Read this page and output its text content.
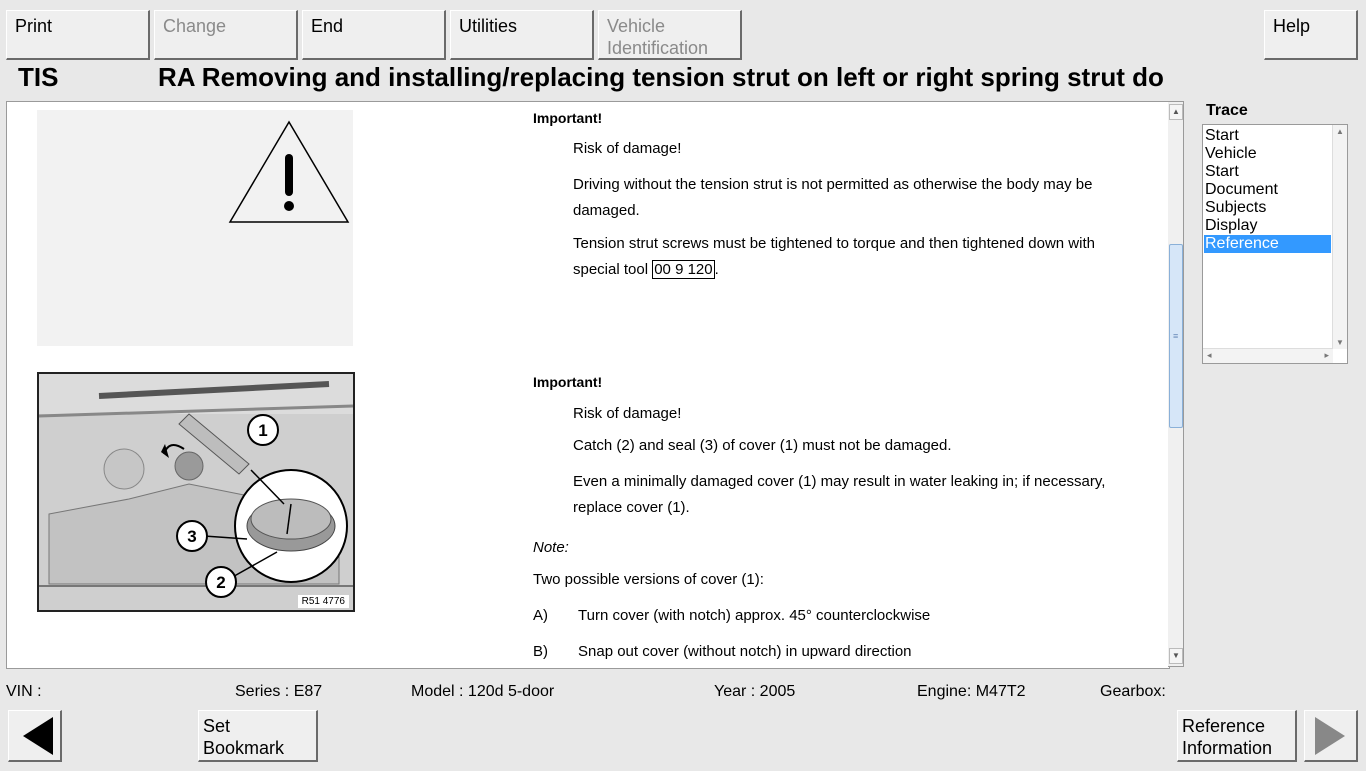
Print	Change	End	Utilities	Vehicle
Identification
Help
TIS	RA Removing and installing/replacing tension strut on left or right spring strut do
1
3
2
R51 4776
Important!
Risk of damage!
Driving without the tension strut is not permitted as otherwise the body may be damaged.
Tension strut screws must be tightened to torque and then tightened down with special tool 00 9 120 .
Important!
Risk of damage!
Catch (2) and seal (3) of cover (1) must not be damaged.
Even a minimally damaged cover (1) may result in water leaking in; if necessary, replace cover (1).
Note:
Two possible versions of cover (1):
A) Turn cover (with notch) approx. 45° counterclockwise
B) Snap out cover (without notch) in upward direction
▲
≡
▼
Trace
Start
Vehicle
Start
Document
Subjects
Display
Reference
▲
▼
◂	▸
VIN :	Series : E87	Model : 120d 5-door	Year : 2005	Engine: M47T2	Gearbox:
Set
Bookmark
Reference
Information
